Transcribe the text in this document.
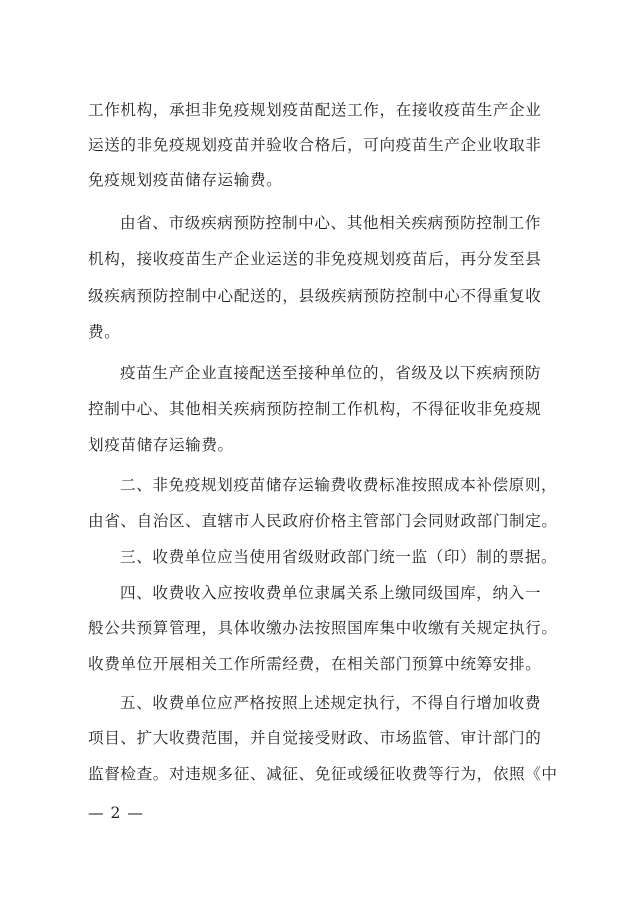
工作机构，承担非免疫规划疫苗配送工作，在接收疫苗生产企业
运送的非免疫规划疫苗并验收合格后，可向疫苗生产企业收取非
免疫规划疫苗储存运输费。
由省、市级疾病预防控制中心、其他相关疾病预防控制工作
机构，接收疫苗生产企业运送的非免疫规划疫苗后，再分发至县
级疾病预防控制中心配送的，县级疾病预防控制中心不得重复收
费。
疫苗生产企业直接配送至接种单位的，省级及以下疾病预防
控制中心、其他相关疾病预防控制工作机构，不得征收非免疫规
划疫苗储存运输费。
二、非免疫规划疫苗储存运输费收费标准按照成本补偿原则，
由省、自治区、直辖市人民政府价格主管部门会同财政部门制定。
三、收费单位应当使用省级财政部门统一监（印）制的票据。
四、收费收入应按收费单位隶属关系上缴同级国库，纳入一
般公共预算管理，具体收缴办法按照国库集中收缴有关规定执行。
收费单位开展相关工作所需经费，在相关部门预算中统筹安排。
五、收费单位应严格按照上述规定执行，不得自行增加收费
项目、扩大收费范围，并自觉接受财政、市场监管、审计部门的
监督检查。对违规多征、减征、免征或缓征收费等行为，依照《中
— 2 —
